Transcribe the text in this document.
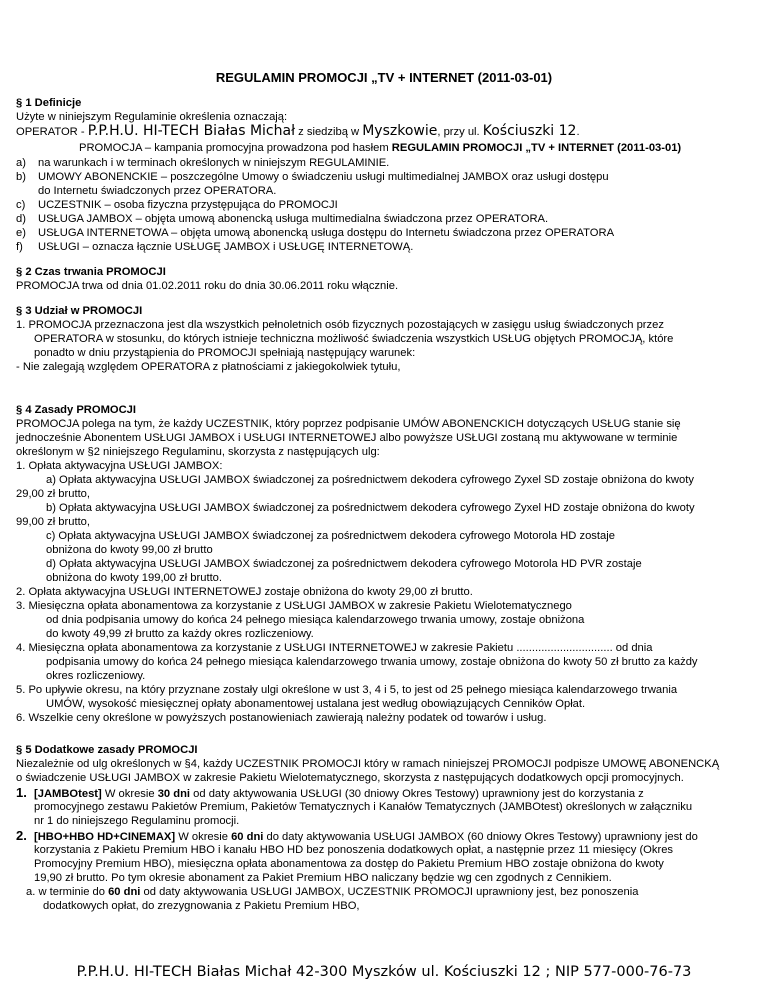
REGULAMIN PROMOCJI „TV + INTERNET (2011-03-01)
§ 1 Definicje
Użyte w niniejszym Regulaminie określenia oznaczają:
OPERATOR - P.P.H.U. HI-TECH Białas Michał z siedzibą w Myszkowie, przy ul. Kościuszki 12.
PROMOCJA – kampania promocyjna prowadzona pod hasłem REGULAMIN PROMOCJI „TV + INTERNET (2011-03-01)
a) na warunkach i w terminach określonych w niniejszym REGULAMINIE.
b) UMOWY ABONENCKIE – poszczególne Umowy o świadczeniu usługi multimedialnej JAMBOX oraz usługi dostępu
do Internetu świadczonych przez OPERATORA.
c) UCZESTNIK – osoba fizyczna przystępująca do PROMOCJI
d) USŁUGA JAMBOX – objęta umową abonencką usługa multimedialna świadczona przez OPERATORA.
e) USŁUGA INTERNETOWA – objęta umową abonencką usługa dostępu do Internetu świadczona przez OPERATORA
f) USŁUGI – oznacza łącznie USŁUGĘ JAMBOX i USŁUGĘ INTERNETOWĄ.
§ 2 Czas trwania PROMOCJI
PROMOCJA trwa od dnia 01.02.2011 roku do dnia 30.06.2011 roku włącznie.
§ 3 Udział w PROMOCJI
1. PROMOCJA przeznaczona jest dla wszystkich pełnoletnich osób fizycznych pozostających w zasięgu usług świadczonych przez
OPERATORA w stosunku, do których istnieje techniczna możliwość świadczenia wszystkich USŁUG objętych PROMOCJĄ, które
ponadto w dniu przystąpienia do PROMOCJI spełniają następujący warunek:
- Nie zalegają względem OPERATORA z płatnościami z jakiegokolwiek tytułu,
§ 4 Zasady PROMOCJI
PROMOCJA polega na tym, że każdy UCZESTNIK, który poprzez podpisanie UMÓW ABONENCKICH dotyczących USŁUG stanie się
jednocześnie Abonentem USŁUGI JAMBOX i USŁUGI INTERNETOWEJ albo powyższe USŁUGI zostaną mu aktywowane w terminie
określonym w §2 niniejszego Regulaminu, skorzysta z następujących ulg:
1. Opłata aktywacyjna USŁUGI JAMBOX:
a) Opłata aktywacyjna USŁUGI JAMBOX świadczonej za pośrednictwem dekodera cyfrowego Zyxel SD zostaje obniżona do kwoty
29,00 zł brutto,
b) Opłata aktywacyjna USŁUGI JAMBOX świadczonej za pośrednictwem dekodera cyfrowego Zyxel HD zostaje obniżona do kwoty
99,00 zł brutto,
c) Opłata aktywacyjna USŁUGI JAMBOX świadczonej za pośrednictwem dekodera cyfrowego Motorola HD zostaje
obniżona do kwoty 99,00 zł brutto
d) Opłata aktywacyjna USŁUGI JAMBOX świadczonej za pośrednictwem dekodera cyfrowego Motorola HD PVR zostaje
obniżona do kwoty 199,00 zł brutto.
2. Opłata aktywacyjna USŁUGI INTERNETOWEJ zostaje obniżona do kwoty 29,00 zł brutto.
3. Miesięczna opłata abonamentowa za korzystanie z USŁUGI JAMBOX w zakresie Pakietu Wielotematycznego
od dnia podpisania umowy do końca 24 pełnego miesiąca kalendarzowego trwania umowy, zostaje obniżona
do kwoty 49,99 zł brutto za każdy okres rozliczeniowy.
4. Miesięczna opłata abonamentowa za korzystanie z USŁUGI INTERNETOWEJ w zakresie Pakietu ............................... od dnia
podpisania umowy do końca 24 pełnego miesiąca kalendarzowego trwania umowy, zostaje obniżona do kwoty 50 zł brutto za każdy
okres rozliczeniowy.
5. Po upływie okresu, na który przyznane zostały ulgi określone w ust 3, 4 i 5, to jest od 25 pełnego miesiąca kalendarzowego trwania
UMÓW, wysokość miesięcznej opłaty abonamentowej ustalana jest według obowiązujących Cenników Opłat.
6. Wszelkie ceny określone w powyższych postanowieniach zawierają należny podatek od towarów i usług.
§ 5 Dodatkowe zasady PROMOCJI
Niezależnie od ulg określonych w §4, każdy UCZESTNIK PROMOCJI który w ramach niniejszej PROMOCJI podpisze UMOWĘ ABONENCKĄ
o świadczenie USŁUGI JAMBOX w zakresie Pakietu Wielotematycznego, skorzysta z następujących dodatkowych opcji promocyjnych.
1. [JAMBOtest] W okresie 30 dni od daty aktywowania USŁUGI (30 dniowy Okres Testowy) uprawniony jest do korzystania z
promocyjnego zestawu Pakietów Premium, Pakietów Tematycznych i Kanałów Tematycznych (JAMBOtest) określonych w załączniku
nr 1 do niniejszego Regulaminu promocji.
2. [HBO+HBO HD+CINEMAX] W okresie 60 dni do daty aktywowania USŁUGI JAMBOX (60 dniowy Okres Testowy) uprawniony jest do
korzystania z Pakietu Premium HBO i kanału HBO HD bez ponoszenia dodatkowych opłat, a następnie przez 11 miesięcy (Okres
Promocyjny Premium HBO), miesięczna opłata abonamentowa za dostęp do Pakietu Premium HBO zostaje obniżona do kwoty
19,90 zł brutto. Po tym okresie abonament za Pakiet Premium HBO naliczany będzie wg cen zgodnych z Cennikiem.
a. w terminie do 60 dni od daty aktywowania USŁUGI JAMBOX, UCZESTNIK PROMOCJI uprawniony jest, bez ponoszenia
dodatkowych opłat, do zrezygnowania z Pakietu Premium HBO,
P.P.H.U. HI-TECH Białas Michał 42-300 Myszków ul. Kościuszki 12 ; NIP 577-000-76-73
